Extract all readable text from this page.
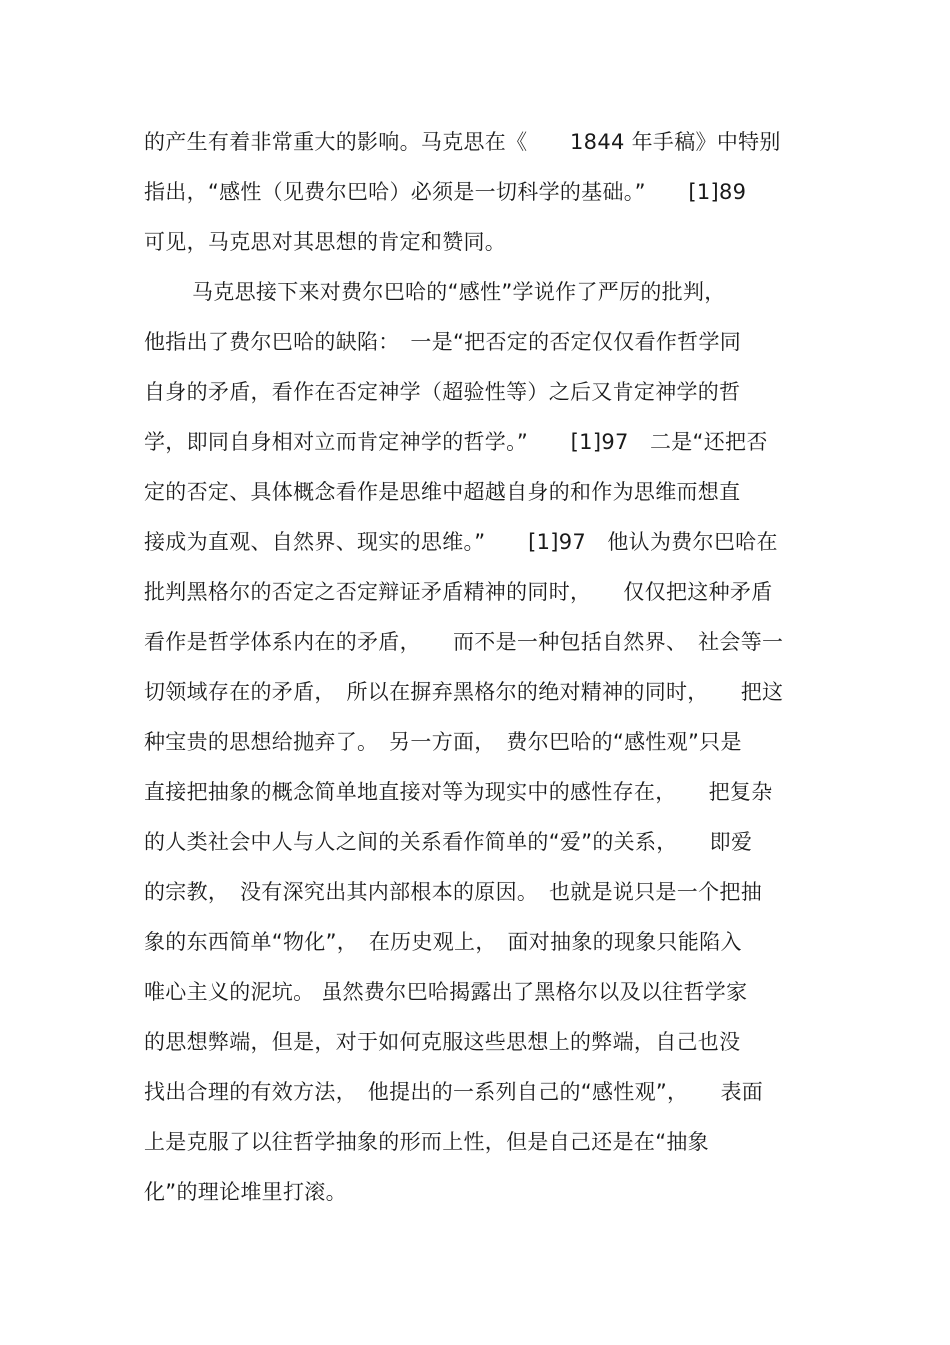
的产生有着非常重大的影响。马克思在《　　1844 年手稿》中特别
指出，“感性（见费尔巴哈）必须是一切科学的基础。”　　[1]89
可见，马克思对其思想的肯定和赞同。
马克思接下来对费尔巴哈的“感性”学说作了严厉的批判，
他指出了费尔巴哈的缺陷：　一是“把否定的否定仅仅看作哲学同
自身的矛盾，看作在否定神学（超验性等）之后又肯定神学的哲
学，即同自身相对立而肯定神学的哲学。”　　[1]97　二是“还把否
定的否定、具体概念看作是思维中超越自身的和作为思维而想直
接成为直观、自然界、现实的思维。”　　[1]97　他认为费尔巴哈在
批判黑格尔的否定之否定辩证矛盾精神的同时，　　仅仅把这种矛盾
看作是哲学体系内在的矛盾，　　而不是一种包括自然界、　社会等一
切领域存在的矛盾，　所以在摒弃黑格尔的绝对精神的同时，　　把这
种宝贵的思想给抛弃了。　另一方面，　费尔巴哈的“感性观”只是
直接把抽象的概念简单地直接对等为现实中的感性存在，　　把复杂
的人类社会中人与人之间的关系看作简单的“爱”的关系，　　即爱
的宗教，　没有深究出其内部根本的原因。　也就是说只是一个把抽
象的东西简单“物化”，　在历史观上，　面对抽象的现象只能陷入
唯心主义的泥坑。 虽然费尔巴哈揭露出了黑格尔以及以往哲学家
的思想弊端，但是，对于如何克服这些思想上的弊端，自己也没
找出合理的有效方法，　他提出的一系列自己的“感性观”，　　表面
上是克服了以往哲学抽象的形而上性，但是自己还是在“抽象
化”的理论堆里打滚。
